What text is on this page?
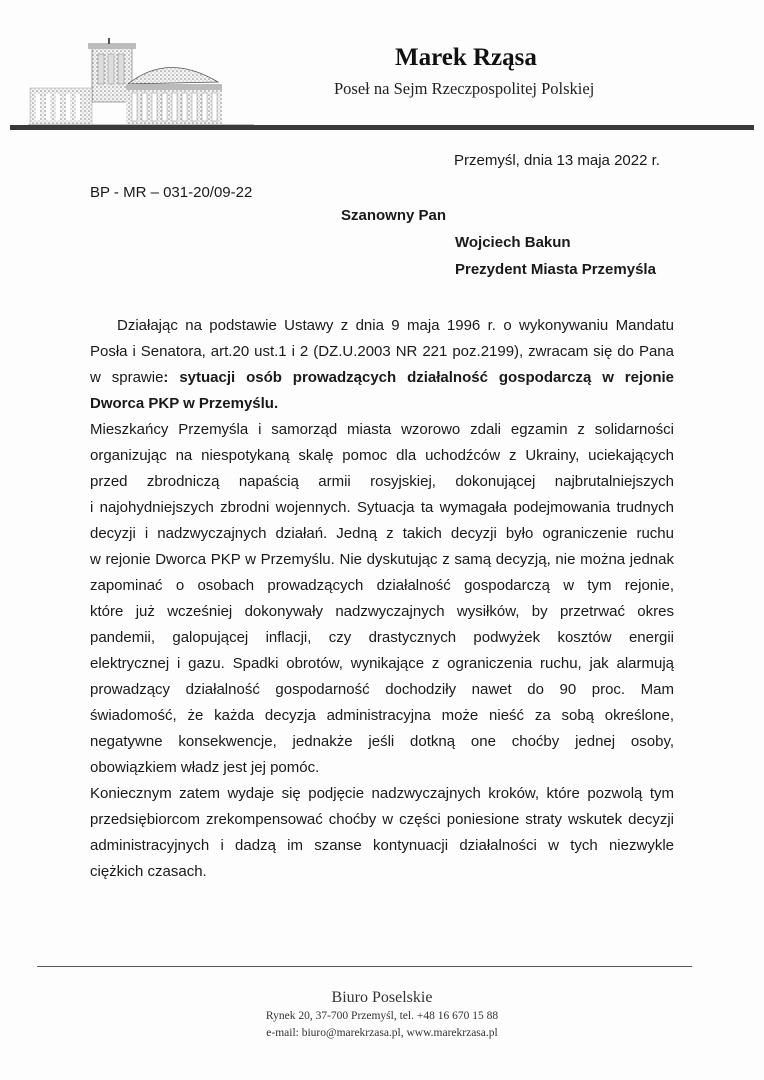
Marek Rząsa
Poseł na Sejm Rzeczpospolitej Polskiej
Przemyśl, dnia 13 maja 2022 r.
BP - MR – 031-20/09-22
Szanowny Pan
Wojciech Bakun
Prezydent Miasta Przemyśla
Działając na podstawie Ustawy z dnia 9 maja 1996 r. o wykonywaniu Mandatu
Posła i Senatora, art.20 ust.1 i 2 (DZ.U.2003 NR 221 poz.2199), zwracam się do Pana
w sprawie: sytuacji osób prowadzących działalność gospodarczą w rejonie
Dworca PKP w Przemyślu.
Mieszkańcy Przemyśla i samorząd miasta wzorowo zdali egzamin z solidarności
organizując na niespotykaną skalę pomoc dla uchodźców z Ukrainy, uciekających
przed zbrodniczą napaścią armii rosyjskiej, dokonującej najbrutalniejszych
i najohydniejszych zbrodni wojennych. Sytuacja ta wymagała podejmowania trudnych
decyzji i nadzwyczajnych działań. Jedną z takich decyzji było ograniczenie ruchu
w rejonie Dworca PKP w Przemyślu. Nie dyskutując z samą decyzją, nie można jednak
zapominać o osobach prowadzących działalność gospodarczą w tym rejonie,
które już wcześniej dokonywały nadzwyczajnych wysiłków, by przetrwać okres
pandemii, galopującej inflacji, czy drastycznych podwyżek kosztów energii
elektrycznej i gazu. Spadki obrotów, wynikające z ograniczenia ruchu, jak alarmują
prowadzący działalność gospodarność dochodziły nawet do 90 proc. Mam
świadomość, że każda decyzja administracyjna może nieść za sobą określone,
negatywne konsekwencje, jednakże jeśli dotkną one choćby jednej osoby,
obowiązkiem władz jest jej pomóc.
Koniecznym zatem wydaje się podjęcie nadzwyczajnych kroków, które pozwolą tym
przedsiębiorcom zrekompensować choćby w części poniesione straty wskutek decyzji
administracyjnych i dadzą im szanse kontynuacji działalności w tych niezwykle
ciężkich czasach.
Biuro Poselskie
Rynek 20, 37-700 Przemyśl, tel. +48 16 670 15 88
e-mail: biuro@marekrzasa.pl, www.marekrzasa.pl
